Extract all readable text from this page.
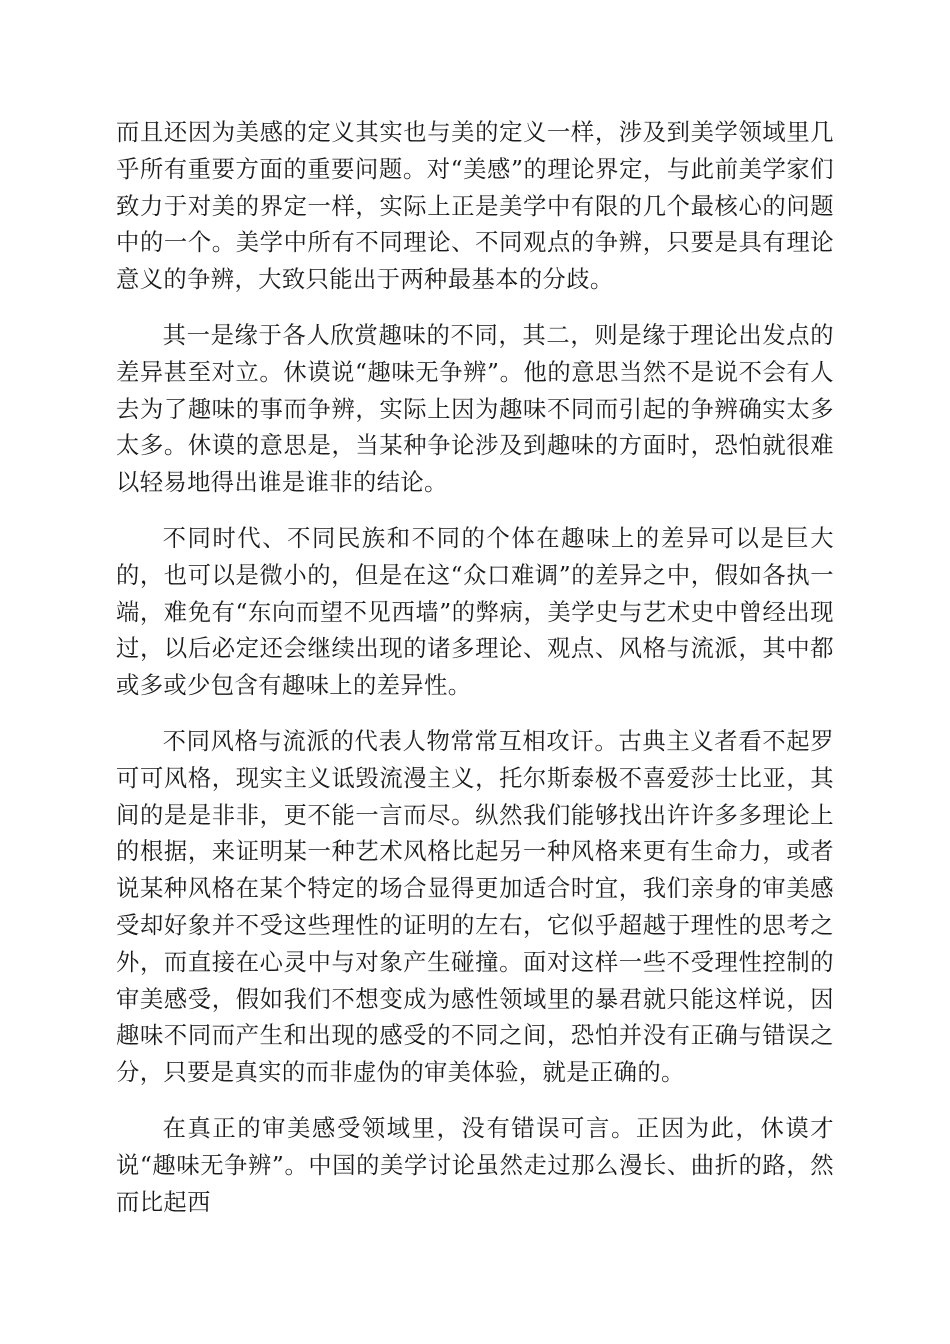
而且还因为美感的定义其实也与美的定义一样，涉及到美学领域里几乎所有重要方面的重要问题。对“美感”的理论界定，与此前美学家们致力于对美的界定一样，实际上正是美学中有限的几个最核心的问题中的一个。美学中所有不同理论、不同观点的争辨，只要是具有理论意义的争辨，大致只能出于两种最基本的分歧。

其一是缘于各人欣赏趣味的不同，其二，则是缘于理论出发点的差异甚至对立。休谟说“趣味无争辨”。他的意思当然不是说不会有人去为了趣味的事而争辨，实际上因为趣味不同而引起的争辨确实太多太多。休谟的意思是，当某种争论涉及到趣味的方面时，恐怕就很难以轻易地得出谁是谁非的结论。

不同时代、不同民族和不同的个体在趣味上的差异可以是巨大的，也可以是微小的，但是在这“众口难调”的差异之中，假如各执一端，难免有“东向而望不见西墙”的弊病，美学史与艺术史中曾经出现过，以后必定还会继续出现的诸多理论、观点、风格与流派，其中都或多或少包含有趣味上的差异性。

不同风格与流派的代表人物常常互相攻讦。古典主义者看不起罗可可风格，现实主义诋毁流漫主义，托尔斯泰极不喜爱莎士比亚，其间的是是非非，更不能一言而尽。纵然我们能够找出许许多多理论上的根据，来证明某一种艺术风格比起另一种风格来更有生命力，或者说某种风格在某个特定的场合显得更加适合时宜，我们亲身的审美感受却好象并不受这些理性的证明的左右，它似乎超越于理性的思考之外，而直接在心灵中与对象产生碰撞。面对这样一些不受理性控制的审美感受，假如我们不想变成为感性领域里的暴君就只能这样说，因趣味不同而产生和出现的感受的不同之间，恐怕并没有正确与错误之分，只要是真实的而非虚伪的审美体验，就是正确的。

在真正的审美感受领域里，没有错误可言。正因为此，休谟才说“趣味无争辨”。中国的美学讨论虽然走过那么漫长、曲折的路，然而比起西
